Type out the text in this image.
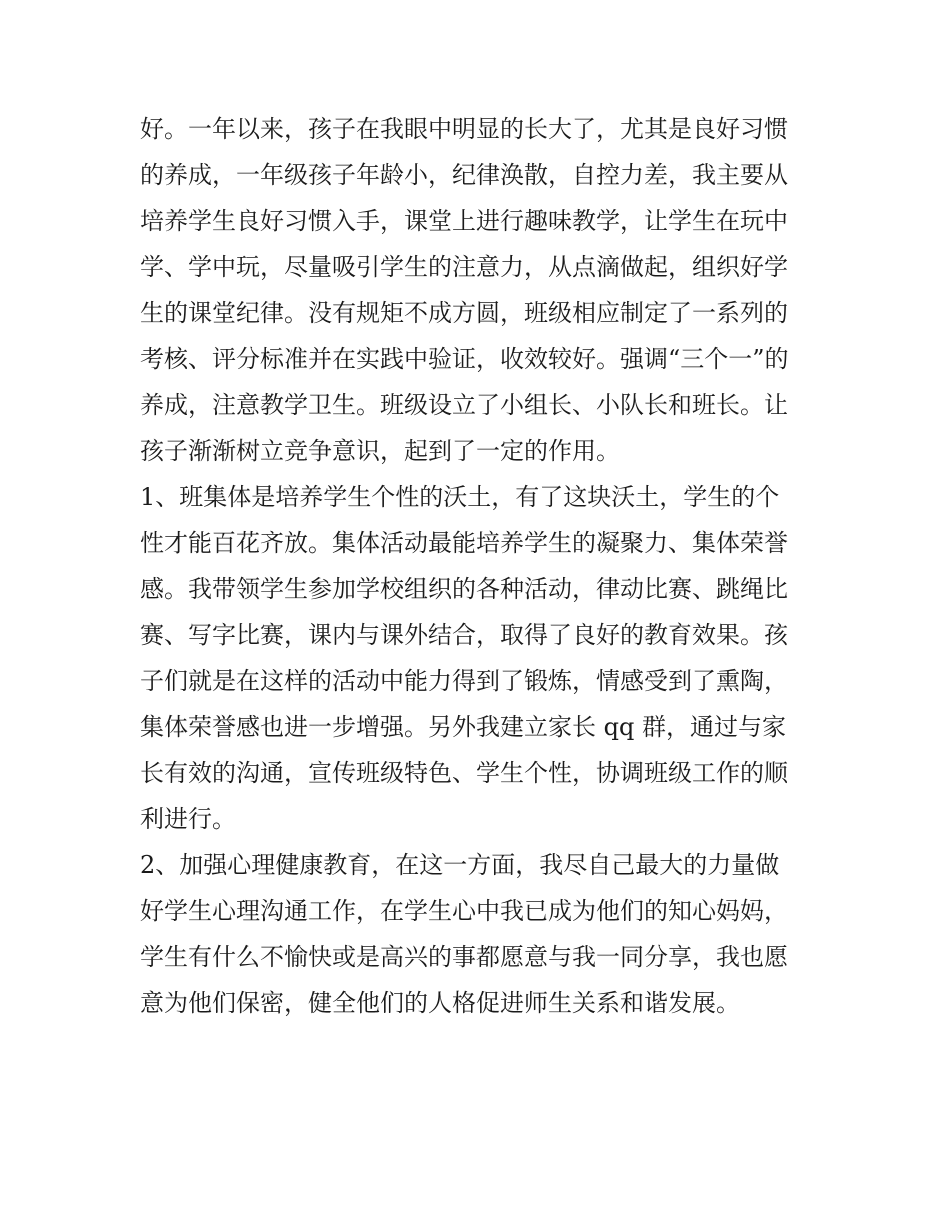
好。一年以来，孩子在我眼中明显的长大了，尤其是良好习惯
的养成，一年级孩子年龄小，纪律涣散，自控力差，我主要从
培养学生良好习惯入手，课堂上进行趣味教学，让学生在玩中
学、学中玩，尽量吸引学生的注意力，从点滴做起，组织好学
生的课堂纪律。没有规矩不成方圆，班级相应制定了一系列的
考核、评分标准并在实践中验证，收效较好。强调“三个一”的
养成，注意教学卫生。班级设立了小组长、小队长和班长。让
孩子渐渐树立竞争意识，起到了一定的作用。
1、班集体是培养学生个性的沃土，有了这块沃土，学生的个
性才能百花齐放。集体活动最能培养学生的凝聚力、集体荣誉
感。我带领学生参加学校组织的各种活动，律动比赛、跳绳比
赛、写字比赛，课内与课外结合，取得了良好的教育效果。孩
子们就是在这样的活动中能力得到了锻炼，情感受到了熏陶，
集体荣誉感也进一步增强。另外我建立家长 qq 群，通过与家
长有效的沟通，宣传班级特色、学生个性，协调班级工作的顺
利进行。
2、加强心理健康教育，在这一方面，我尽自己最大的力量做
好学生心理沟通工作，在学生心中我已成为他们的知心妈妈，
学生有什么不愉快或是高兴的事都愿意与我一同分享，我也愿
意为他们保密，健全他们的人格促进师生关系和谐发展。
